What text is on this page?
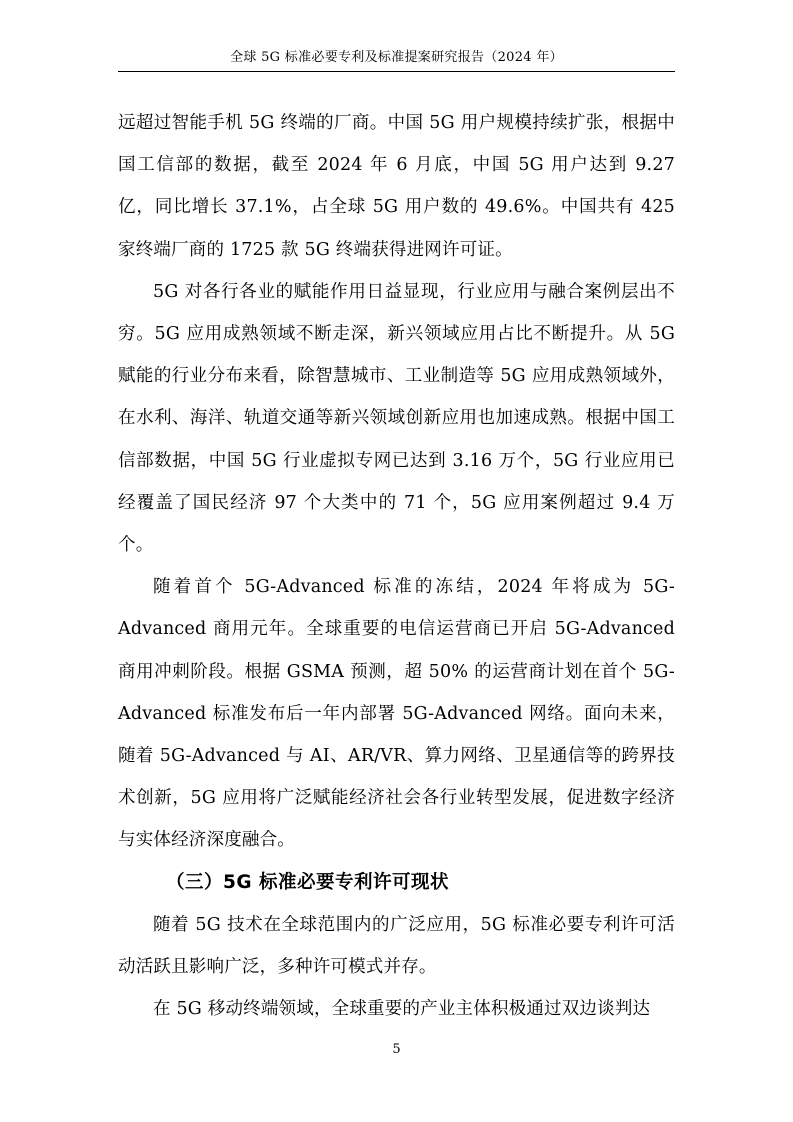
全球 5G 标准必要专利及标准提案研究报告（2024 年）

远超过智能手机 5G 终端的厂商。中国 5G 用户规模持续扩张，根据中国工信部的数据，截至 2024 年 6 月底，中国 5G 用户达到 9.27 亿，同比增长 37.1%，占全球 5G 用户数的 49.6%。中国共有 425 家终端厂商的 1725 款 5G 终端获得进网许可证。

5G 对各行各业的赋能作用日益显现，行业应用与融合案例层出不穷。5G 应用成熟领域不断走深，新兴领域应用占比不断提升。从 5G 赋能的行业分布来看，除智慧城市、工业制造等 5G 应用成熟领域外，在水利、海洋、轨道交通等新兴领域创新应用也加速成熟。根据中国工信部数据，中国 5G 行业虚拟专网已达到 3.16 万个，5G 行业应用已经覆盖了国民经济 97 个大类中的 71 个，5G 应用案例超过 9.4 万个。

随着首个 5G-Advanced 标准的冻结，2024 年将成为 5G-Advanced 商用元年。全球重要的电信运营商已开启 5G-Advanced 商用冲刺阶段。根据 GSMA 预测，超 50% 的运营商计划在首个 5G-Advanced 标准发布后一年内部署 5G-Advanced 网络。面向未来，随着 5G-Advanced 与 AI、AR/VR、算力网络、卫星通信等的跨界技术创新，5G 应用将广泛赋能经济社会各行业转型发展，促进数字经济与实体经济深度融合。

（三）5G 标准必要专利许可现状

随着 5G 技术在全球范围内的广泛应用，5G 标准必要专利许可活动活跃且影响广泛，多种许可模式并存。

在 5G 移动终端领域，全球重要的产业主体积极通过双边谈判达

5
